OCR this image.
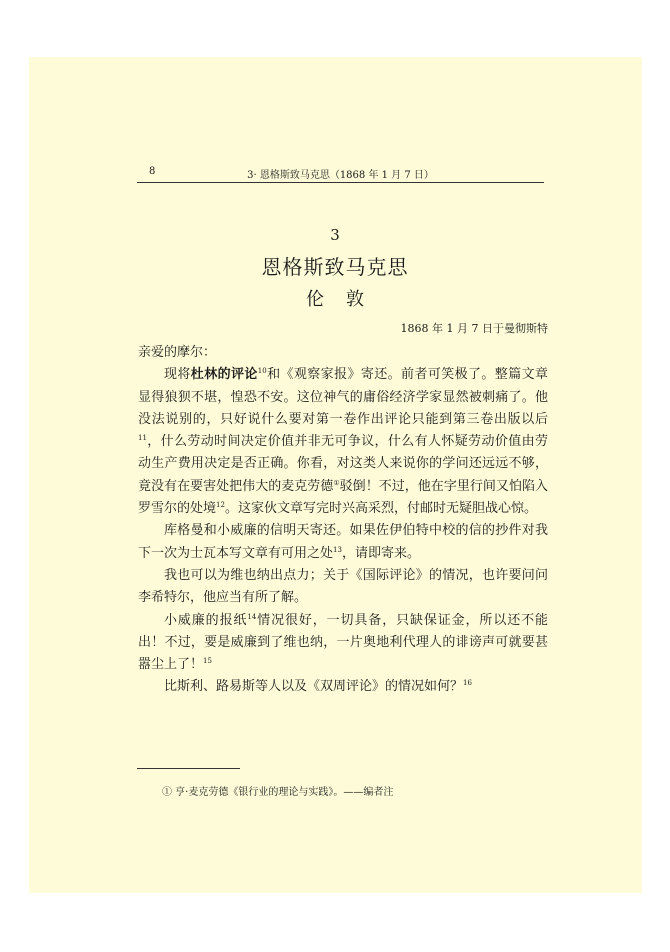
8	3· 恩格斯致马克思（1868 年 1 月 7 日）
3
恩格斯致马克思
伦敦
1868 年 1 月 7 日于曼彻斯特

亲爱的摩尔：

现将杜林的评论$^{10}$和《观察家报》寄还。前者可笑极了。整篇文章显得狼狈不堪，惶恐不安。这位神气的庸俗经济学家显然被刺痛了。他没法说别的，只好说什么要对第一卷作出评论只能到第三卷出版以后$^{11}$，什么劳动时间决定价值并非无可争议，什么有人怀疑劳动价值由劳动生产费用决定是否正确。你看，对这类人来说你的学问还远远不够，竟没有在要害处把伟大的麦克劳德①驳倒！不过，他在字里行间又怕陷入罗雪尔的处境$^{12}$。这家伙文章写完时兴高采烈，付邮时无疑胆战心惊。

库格曼和小威廉的信明天寄还。如果佐伊伯特中校的信的抄件对我下一次为士瓦本写文章有可用之处$^{13}$，请即寄来。

我也可以为维也纳出点力；关于《国际评论》的情况，也许要问问李希特尔，他应当有所了解。

小威廉的报纸$^{14}$情况很好，一切具备，只缺保证金，所以还不能出！不过，要是威廉到了维也纳，一片奥地利代理人的诽谤声可就要甚嚣尘上了！$^{15}$

比斯利、路易斯等人以及《双周评论》的情况如何？$^{16}$

① 亨·麦克劳德《银行业的理论与实践》。——编者注
